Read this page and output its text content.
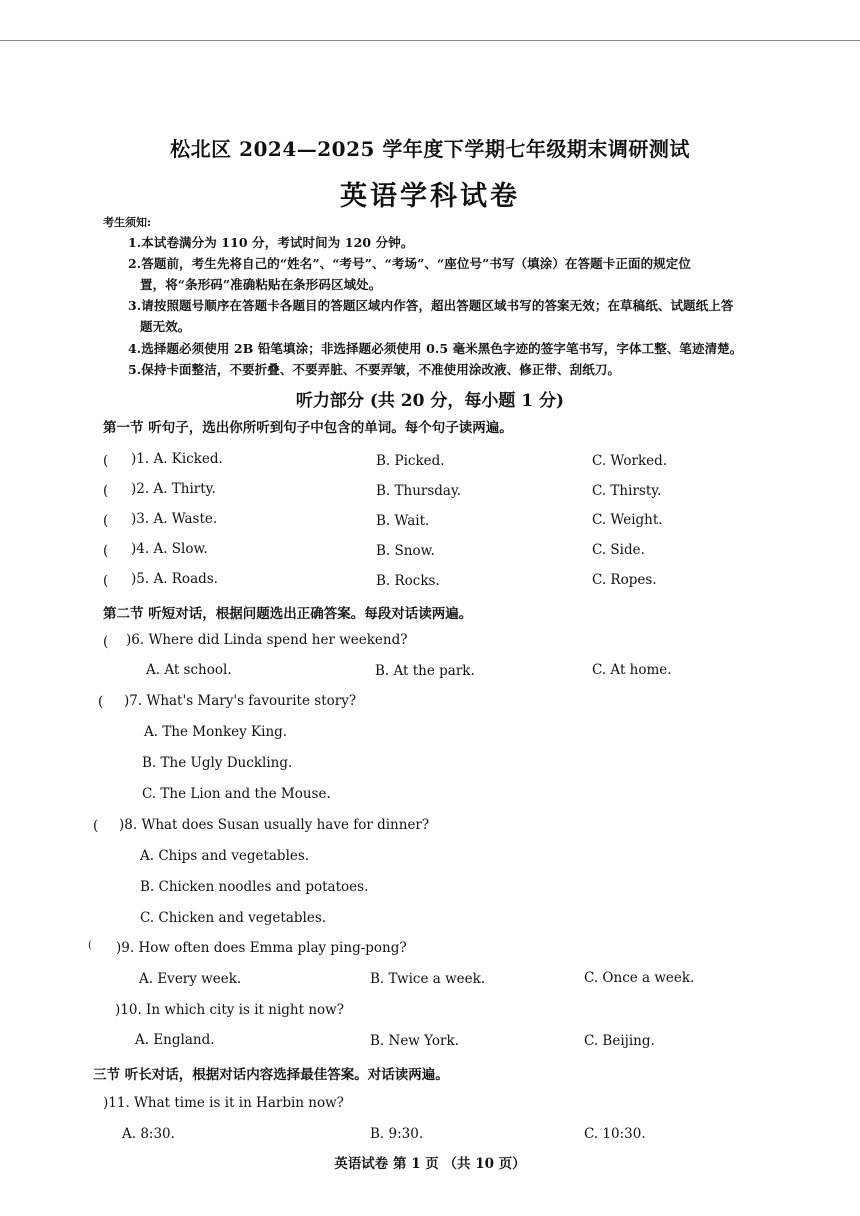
松北区 2024—2025 学年度下学期七年级期末调研测试
英语学科试卷
考生须知:
1.本试卷满分为 110 分，考试时间为 120 分钟。
2.答题前，考生先将自己的“姓名”、“考号”、“考场”、“座位号”书写（填涂）在答题卡正面的规定位
置，将“条形码”准确粘贴在条形码区域处。
3.请按照题号顺序在答题卡各题目的答题区域内作答，超出答题区域书写的答案无效；在草稿纸、试题纸上答
题无效。
4.选择题必须使用 2B 铅笔填涂；非选择题必须使用 0.5 毫米黑色字迹的签字笔书写，字体工整、笔迹清楚。
5.保持卡面整洁，不要折叠、不要弄脏、不要弄皱，不准使用涂改液、修正带、刮纸刀。
听力部分 (共 20 分，每小题 1 分)
第一节 听句子，选出你所听到句子中包含的单词。每个句子读两遍。
( )1. A. Kicked.	B. Picked.	C. Worked.
( )2. A. Thirty.	B. Thursday.	C. Thirsty.
( )3. A. Waste.	B. Wait.	C. Weight.
( )4. A. Slow.	B. Snow.	C. Side.
( )5. A. Roads.	B. Rocks.	C. Ropes.
第二节 听短对话，根据问题选出正确答案。每段对话读两遍。
( )6. Where did Linda spend her weekend?
A. At school.	B. At the park.	C. At home.
( )7. What's Mary's favourite story?
A. The Monkey King.
B. The Ugly Duckling.
C. The Lion and the Mouse.
( )8. What does Susan usually have for dinner?
A. Chips and vegetables.
B. Chicken noodles and potatoes.
C. Chicken and vegetables.
( )9. How often does Emma play ping-pong?
A. Every week.	B. Twice a week.	C. Once a week.
)10. In which city is it night now?
A. England.	B. New York.	C. Beijing.
三节 听长对话，根据对话内容选择最佳答案。对话读两遍。
)11. What time is it in Harbin now?
A. 8:30.	B. 9:30.	C. 10:30.
英语试卷 第 1 页 （共 10 页）
